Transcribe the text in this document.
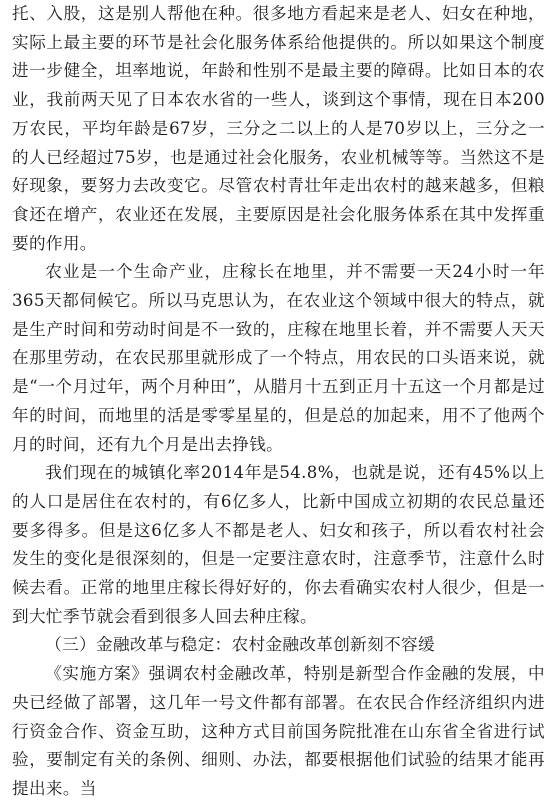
托、入股，这是别人帮他在种。很多地方看起来是老人、妇女在种地，实际上最主要的环节是社会化服务体系给他提供的。所以如果这个制度进一步健全，坦率地说，年龄和性别不是最主要的障碍。比如日本的农业，我前两天见了日本农水省的一些人，谈到这个事情，现在日本200万农民，平均年龄是67岁，三分之二以上的人是70岁以上，三分之一的人已经超过75岁，也是通过社会化服务，农业机械等等。当然这不是好现象，要努力去改变它。尽管农村青壮年走出农村的越来越多，但粮食还在增产，农业还在发展，主要原因是社会化服务体系在其中发挥重要的作用。

农业是一个生命产业，庄稼长在地里，并不需要一天24小时一年365天都伺候它。所以马克思认为，在农业这个领域中很大的特点，就是生产时间和劳动时间是不一致的，庄稼在地里长着，并不需要人天天在那里劳动，在农民那里就形成了一个特点，用农民的口头语来说，就是“一个月过年，两个月种田”，从腊月十五到正月十五这一个月都是过年的时间，而地里的活是零零星星的，但是总的加起来，用不了他两个月的时间，还有九个月是出去挣钱。

我们现在的城镇化率2014年是54.8%，也就是说，还有45%以上的人口是居住在农村的，有6亿多人，比新中国成立初期的农民总量还要多得多。但是这6亿多人不都是老人、妇女和孩子，所以看农村社会发生的变化是很深刻的，但是一定要注意农时，注意季节，注意什么时候去看。正常的地里庄稼长得好好的，你去看确实农村人很少，但是一到大忙季节就会看到很多人回去种庄稼。

（三）金融改革与稳定：农村金融改革创新刻不容缓

《实施方案》强调农村金融改革，特别是新型合作金融的发展，中央已经做了部署，这几年一号文件都有部署。在农民合作经济组织内进行资金合作、资金互助，这种方式目前国务院批准在山东省全省进行试验，要制定有关的条例、细则、办法，都要根据他们试验的结果才能再提出来。当
